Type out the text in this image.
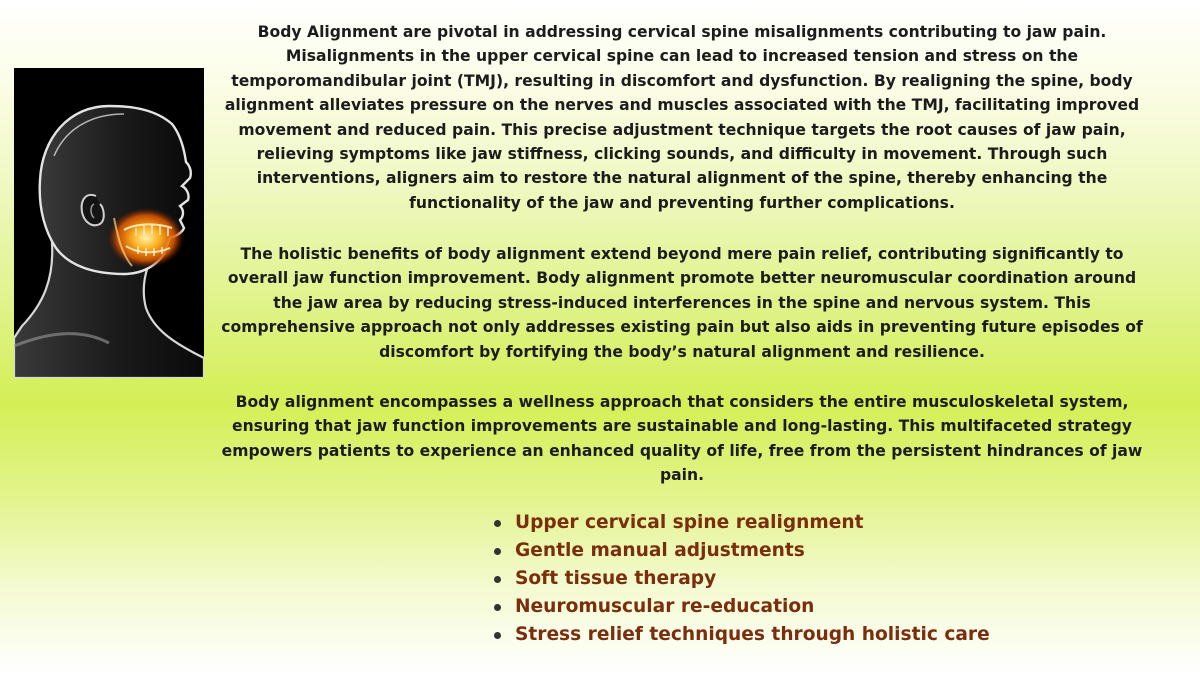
Body Alignment are pivotal in addressing cervical spine misalignments contributing to jaw pain. Misalignments in the upper cervical spine can lead to increased tension and stress on the temporomandibular joint (TMJ), resulting in discomfort and dysfunction. By realigning the spine, body alignment alleviates pressure on the nerves and muscles associated with the TMJ, facilitating improved movement and reduced pain. This precise adjustment technique targets the root causes of jaw pain, relieving symptoms like jaw stiffness, clicking sounds, and difficulty in movement. Through such interventions, aligners aim to restore the natural alignment of the spine, thereby enhancing the functionality of the jaw and preventing further complications.

The holistic benefits of body alignment extend beyond mere pain relief, contributing significantly to overall jaw function improvement. Body alignment promote better neuromuscular coordination around the jaw area by reducing stress-induced interferences in the spine and nervous system. This comprehensive approach not only addresses existing pain but also aids in preventing future episodes of discomfort by fortifying the body’s natural alignment and resilience.

Body alignment encompasses a wellness approach that considers the entire musculoskeletal system, ensuring that jaw function improvements are sustainable and long-lasting. This multifaceted strategy empowers patients to experience an enhanced quality of life, free from the persistent hindrances of jaw pain.

Upper cervical spine realignment
Gentle manual adjustments
Soft tissue therapy
Neuromuscular re-education
Stress relief techniques through holistic care
